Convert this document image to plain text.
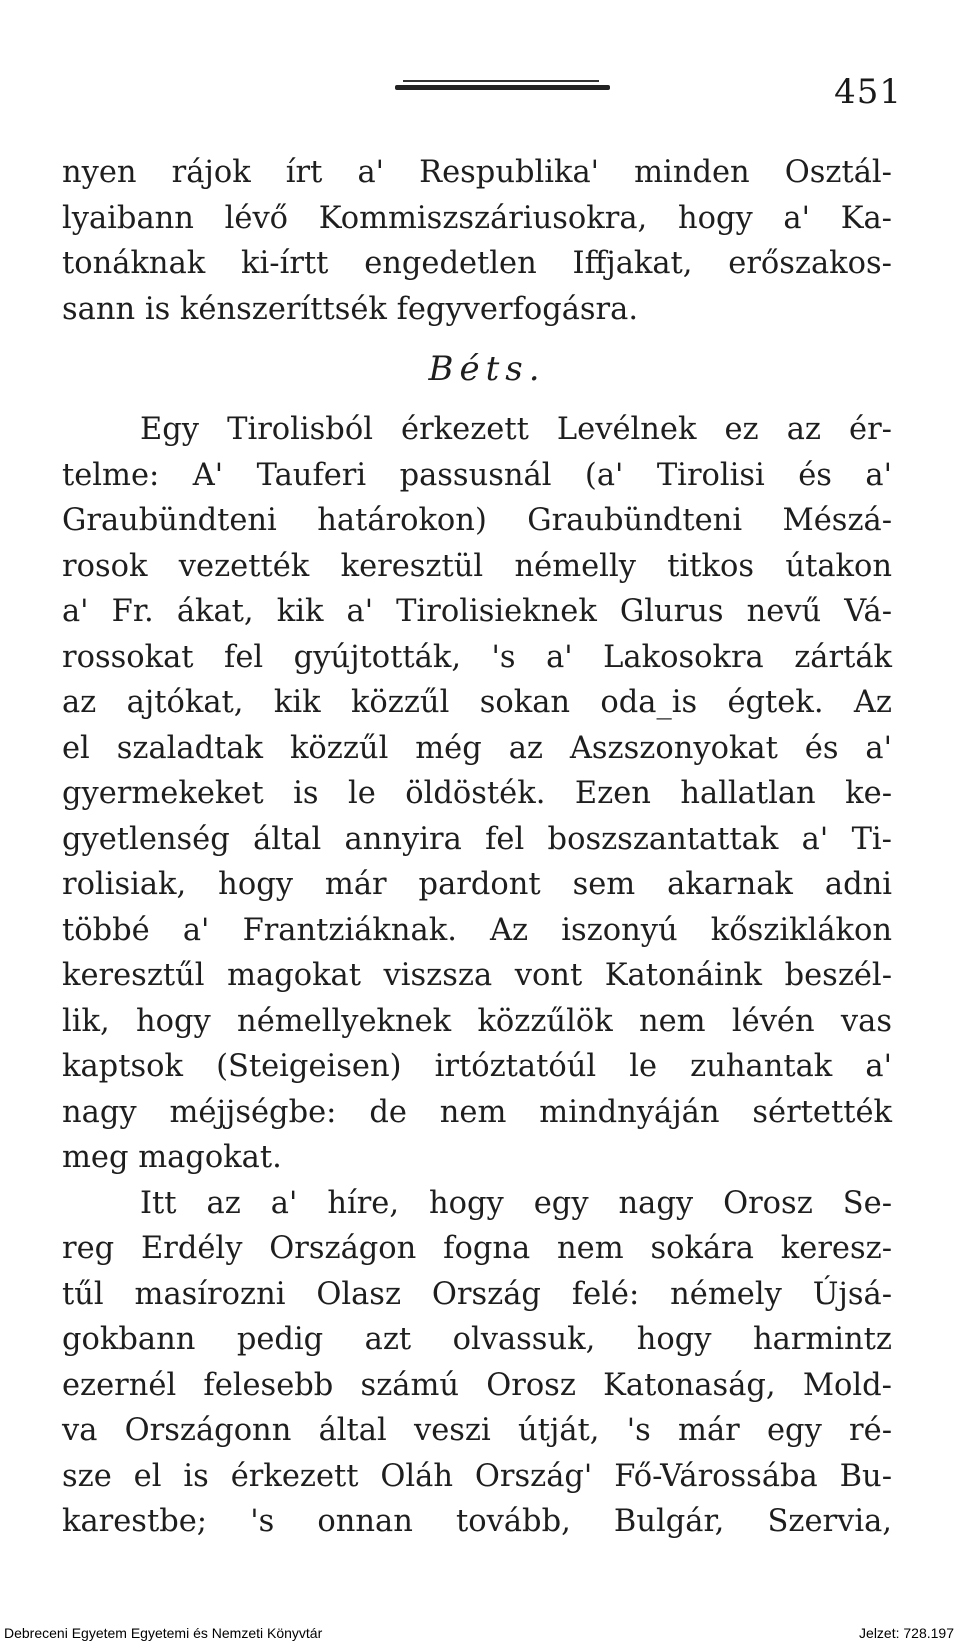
451
nyen rájok írt a' Respublika' minden Osztál-
lyaibann lévő Kommiszszáriusokra, hogy a' Ka-
tonáknak ki-írtt engedetlen Iffjakat, erőszakos-
sann is kénszeríttsék fegyverfogásra.
Béts.
Egy Tirolisból érkezett Levélnek ez az ér-
telme: A' Tauferi passusnál (a' Tirolisi és a'
Graubündteni határokon) Graubündteni Mészá-
rosok vezették keresztül némelly titkos útakon
a' Fr. ákat, kik a' Tirolisieknek Glurus nevű Vá-
rossokat fel gyújtották, 's a' Lakosokra zárták
az ajtókat, kik közzűl sokan oda_is égtek. Az
el szaladtak közzűl még az Aszszonyokat és a'
gyermekeket is le öldösték. Ezen hallatlan ke-
gyetlenség által annyira fel boszszantattak a' Ti-
rolisiak, hogy már pardont sem akarnak adni
többé a' Frantziáknak. Az iszonyú kősziklákon
keresztűl magokat viszsza vont Katonáink beszél-
lik, hogy némellyeknek közzűlök nem lévén vas
kaptsok (Steigeisen) irtóztatóúl le zuhantak a'
nagy méjjségbe: de nem mindnyáján sértették
meg magokat.
Itt az a' híre, hogy egy nagy Orosz Se-
reg Erdély Országon fogna nem sokára keresz-
tűl masírozni Olasz Ország felé: némely Újsá-
gokbann pedig azt olvassuk, hogy harmintz
ezernél felesebb számú Orosz Katonaság, Mold-
va Országonn által veszi útját, 's már egy ré-
sze el is érkezett Oláh Ország' Fő-Várossába Bu-
karestbe; 's onnan tovább, Bulgár, Szervia,
Debreceni Egyetem Egyetemi és Nemzeti Könyvtár	Jelzet: 728.197
